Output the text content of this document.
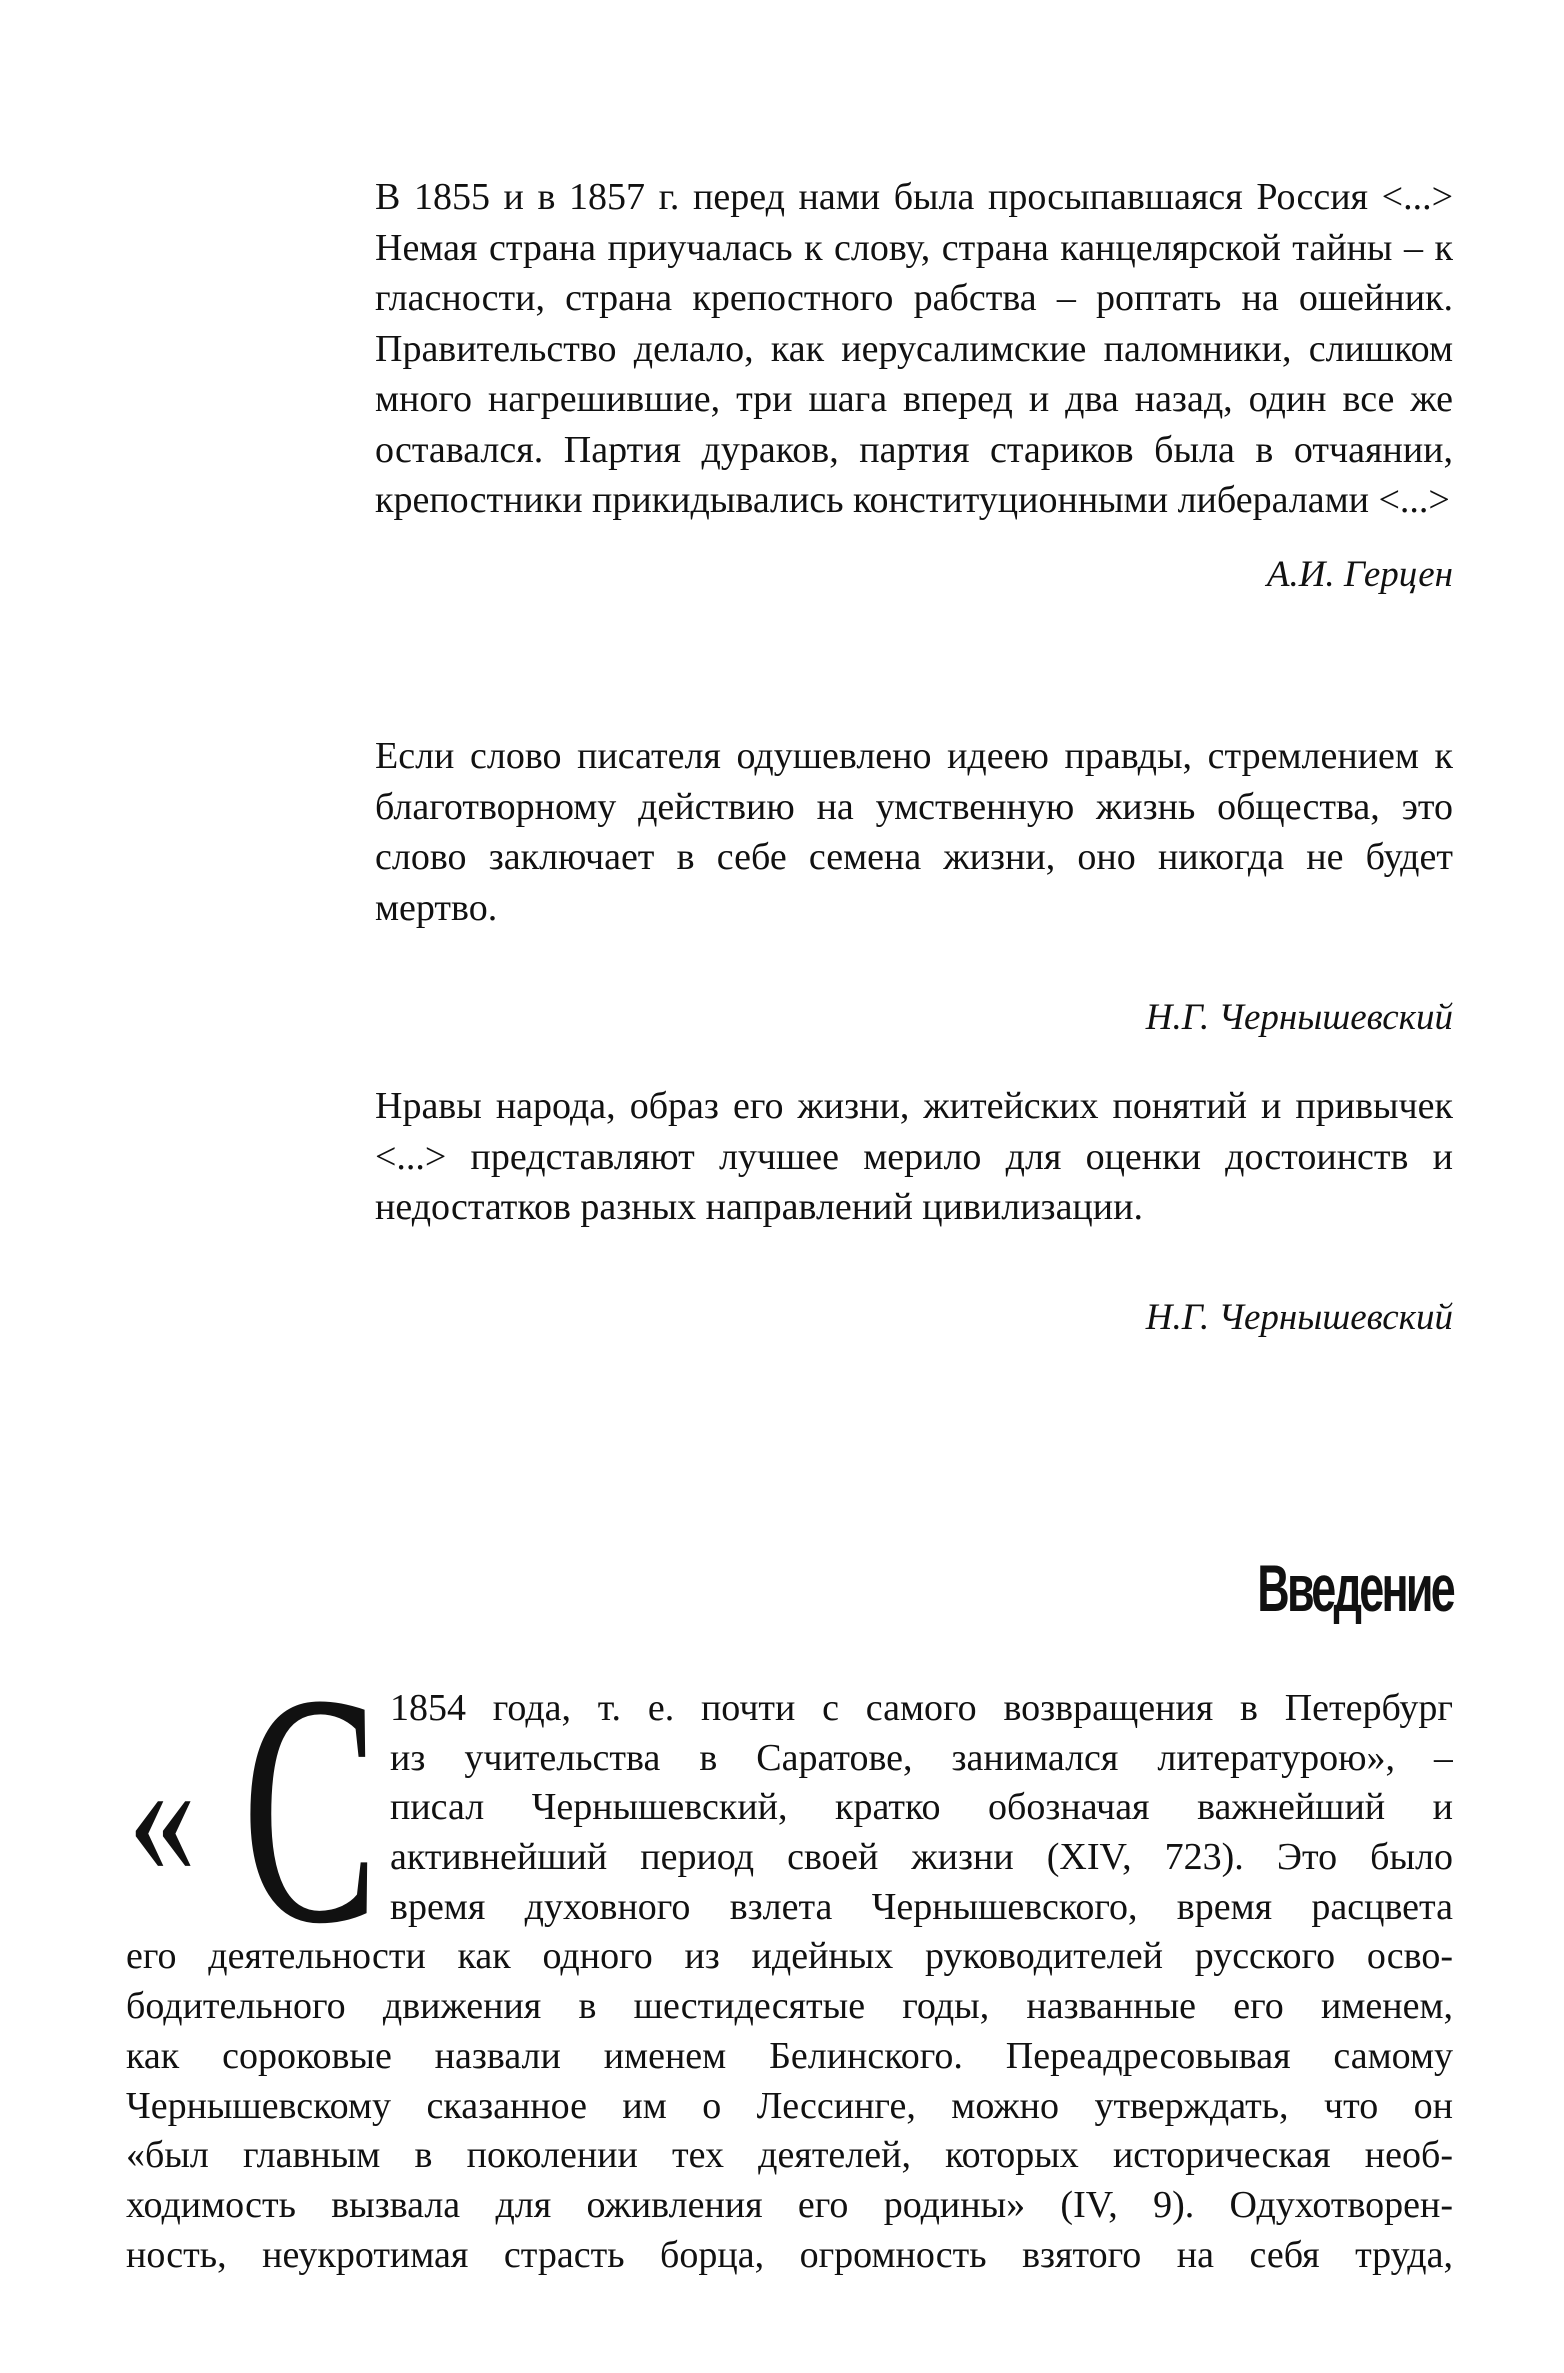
В 1855 и в 1857 г. перед нами была просыпавшаяся Россия <...> Немая страна приучалась к слову, страна канцелярской тайны – к гласности, страна крепостного рабства – роптать на ошейник. Правительство делало, как иерусалимские паломники, слишком много нагрешившие, три шага вперед и два назад, один все же оставался. Партия дураков, партия стариков была в отчаянии, крепостники прикидывались конституционными либералами <...>
А.И. Герцен
Если слово писателя одушевлено идеею правды, стремлением к благотворному действию на умственную жизнь общества, это слово заключает в себе семена жизни, оно никогда не будет мертво.
Н.Г. Чернышевский
Нравы народа, образ его жизни, житейских понятий и привычек <...> представляют лучшее мерило для оценки достоинств и недостатков разных направлений цивилизации.
Н.Г. Чернышевский
Введение
« С 1854 года, т. е. почти с самого возвращения в Петербург
из учительства в Саратове, занимался литературою», –
писал Чернышевский, кратко обозначая важнейший и
активнейший период своей жизни (XIV, 723). Это было
время духовного взлета Чернышевского, время расцвета
его деятельности как одного из идейных руководителей русского осво-
бодительного движения в шестидесятые годы, названные его именем,
как сороковые назвали именем Белинского. Переадресовывая самому
Чернышевскому сказанное им о Лессинге, можно утверждать, что он
«был главным в поколении тех деятелей, которых историческая необ-
ходимость вызвала для оживления его родины» (IV, 9). Одухотворен-
ность, неукротимая страсть борца, огромность взятого на себя труда,
